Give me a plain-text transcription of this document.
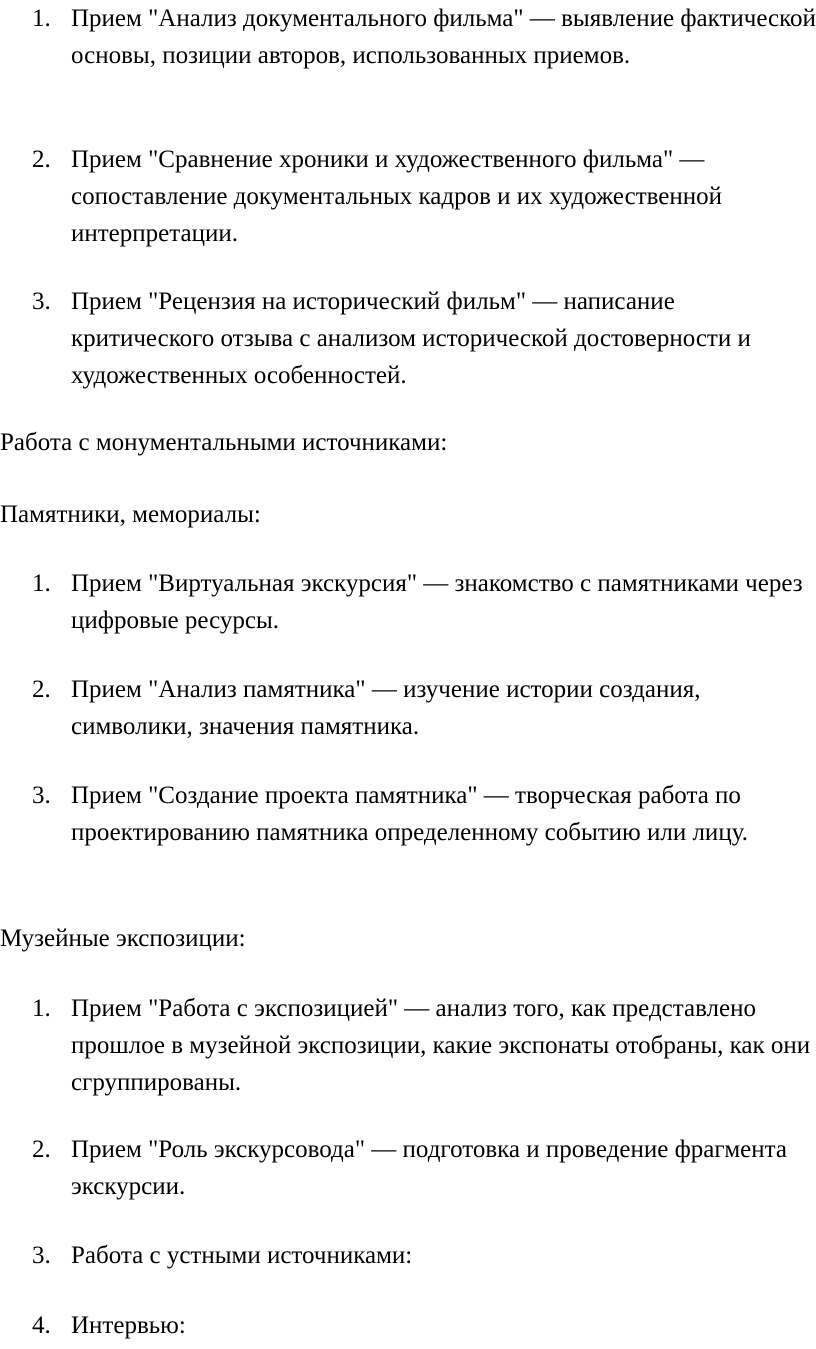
1. Прием "Анализ документального фильма" — выявление фактической основы, позиции авторов, использованных приемов.
2. Прием "Сравнение хроники и художественного фильма" — сопоставление документальных кадров и их художественной интерпретации.
3. Прием "Рецензия на исторический фильм" — написание критического отзыва с анализом исторической достоверности и художественных особенностей.

Работа с монументальными источниками:

Памятники, мемориалы:

1. Прием "Виртуальная экскурсия" — знакомство с памятниками через цифровые ресурсы.
2. Прием "Анализ памятника" — изучение истории создания, символики, значения памятника.
3. Прием "Создание проекта памятника" — творческая работа по проектированию памятника определенному событию или лицу.

Музейные экспозиции:

1. Прием "Работа с экспозицией" — анализ того, как представлено прошлое в музейной экспозиции, какие экспонаты отобраны, как они сгруппированы.
2. Прием "Роль экскурсовода" — подготовка и проведение фрагмента экскурсии.
3. Работа с устными источниками:
4. Интервью:
